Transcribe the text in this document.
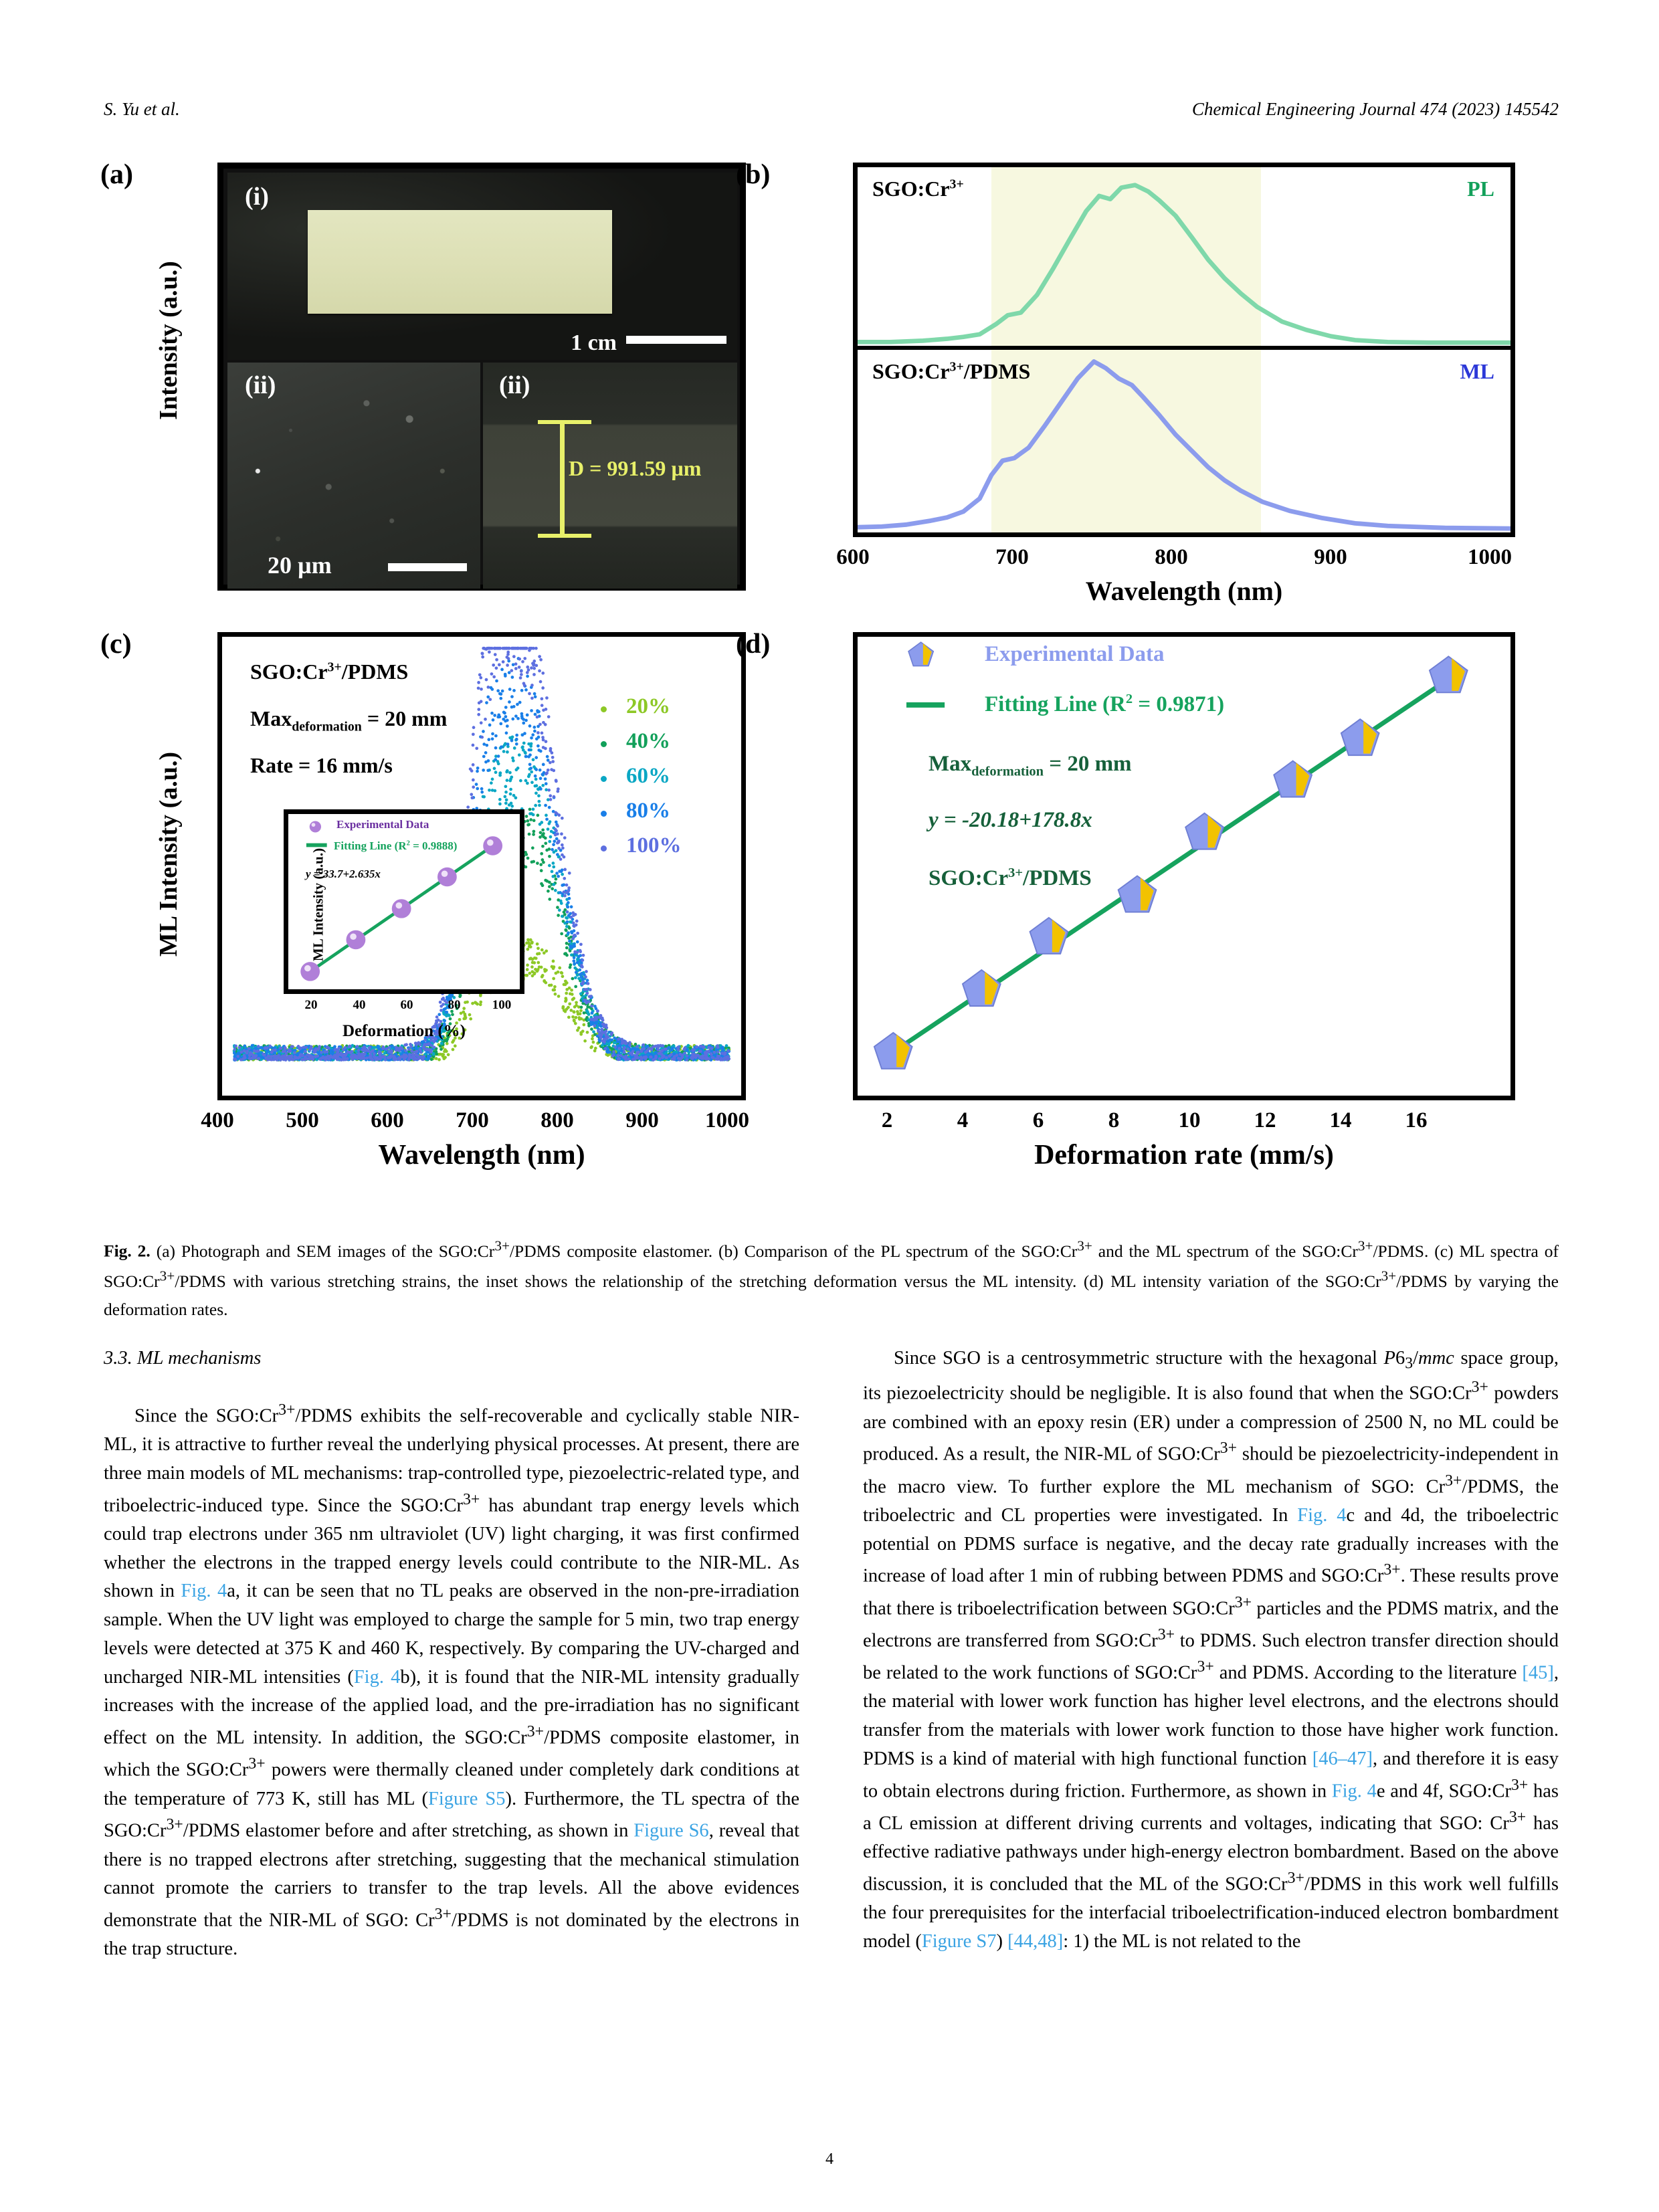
S. Yu et al.	Chemical Engineering Journal 474 (2023) 145542
(a)
(i)
1 cm
(ii)
20 µm
(ii)
D = 991.59 µm
(b)
Intensity (a.u.)
$SGO:Cr^{3+}$	PL
$SGO:Cr^{3+}$/PDMS	ML
600	700	800	900	1000
Wavelength (nm)
(c)
ML Intensity (a.u.)
$SGO:Cr^{3+}$/PDMS
Max$_{deformation}$ = 20 mm
Rate = 16 mm/s
20%
40%
60%
80%
100%
Experimental Data
Fitting Line $(R^2 = 0.9888)$
y = 33.7+2.635x
ML Intensity (a.u.)
Deformation (%)
20	40	60	80	100
400	500	600	700	800	900	1000
Wavelength (nm)
(d)	Experimental Data
Fitting Line $(R^2 = 0.9871)$
Max$_{deformation}$ = 20 mm
y = -20.18+178.8x
$SGO:Cr^{3+}$/PDMS
2	4	6	8	10	12	14	16
Deformation rate (mm/s)
Fig. 2. (a) Photograph and SEM images of the $SGO:Cr^{3+}$/PDMS composite elastomer. (b) Comparison of the PL spectrum of the $SGO:Cr^{3+}$ and the ML spectrum of the $SGO:Cr^{3+}$/PDMS. (c) ML spectra of $SGO:Cr^{3+}$/PDMS with various stretching strains, the inset shows the relationship of the stretching deformation versus the ML intensity. (d) ML intensity variation of the $SGO:Cr^{3+}$/PDMS by varying the deformation rates.

3.3. ML mechanisms

Since the $SGO:Cr^{3+}$/PDMS exhibits the self-recoverable and cyclically stable NIR-ML, it is attractive to further reveal the underlying physical processes. At present, there are three main models of ML mechanisms: trap-controlled type, piezoelectric-related type, and triboelectric-induced type. Since the $SGO:Cr^{3+}$ has abundant trap energy levels which could trap electrons under 365 nm ultraviolet (UV) light charging, it was first confirmed whether the electrons in the trapped energy levels could contribute to the NIR-ML. As shown in Fig. 4a, it can be seen that no TL peaks are observed in the non-pre-irradiation sample. When the UV light was employed to charge the sample for 5 min, two trap energy levels were detected at 375 K and 460 K, respectively. By comparing the UV-charged and uncharged NIR-ML intensities (Fig. 4b), it is found that the NIR-ML intensity gradually increases with the increase of the applied load, and the pre-irradiation has no significant effect on the ML intensity. In addition, the $SGO:Cr^{3+}$/PDMS composite elastomer, in which the $SGO:Cr^{3+}$ powers were thermally cleaned under completely dark conditions at the temperature of 773 K, still has ML (Figure S5). Furthermore, the TL spectra of the $SGO:Cr^{3+}$/PDMS elastomer before and after stretching, as shown in Figure S6, reveal that there is no trapped electrons after stretching, suggesting that the mechanical stimulation cannot promote the carriers to transfer to the trap levels. All the above evidences demonstrate that the NIR-ML of SGO: $Cr^{3+}$/PDMS is not dominated by the electrons in the trap structure.

Since SGO is a centrosymmetric structure with the hexagonal $P6_3$/mmc space group, its piezoelectricity should be negligible. It is also found that when the $SGO:Cr^{3+}$ powders are combined with an epoxy resin (ER) under a compression of 2500 N, no ML could be produced. As a result, the NIR-ML of $SGO:Cr^{3+}$ should be piezoelectricity-independent in the macro view. To further explore the ML mechanism of SGO: $Cr^{3+}$/PDMS, the triboelectric and CL properties were investigated. In Fig. 4c and 4d, the triboelectric potential on PDMS surface is negative, and the decay rate gradually increases with the increase of load after 1 min of rubbing between PDMS and $SGO:Cr^{3+}$. These results prove that there is triboelectrification between $SGO:Cr^{3+}$ particles and the PDMS matrix, and the electrons are transferred from $SGO:Cr^{3+}$ to PDMS. Such electron transfer direction should be related to the work functions of $SGO:Cr^{3+}$ and PDMS. According to the literature [45], the material with lower work function has higher level electrons, and the electrons should transfer from the materials with lower work function to those have higher work function. PDMS is a kind of material with high functional function [46–47], and therefore it is easy to obtain electrons during friction. Furthermore, as shown in Fig. 4e and 4f, $SGO:Cr^{3+}$ has a CL emission at different driving currents and voltages, indicating that SGO: $Cr^{3+}$ has effective radiative pathways under high-energy electron bombardment. Based on the above discussion, it is concluded that the ML of the $SGO:Cr^{3+}$/PDMS in this work well fulfills the four prerequisites for the interfacial triboelectrification-induced electron bombardment model (Figure S7) [44,48]: 1) the ML is not related to the

4
